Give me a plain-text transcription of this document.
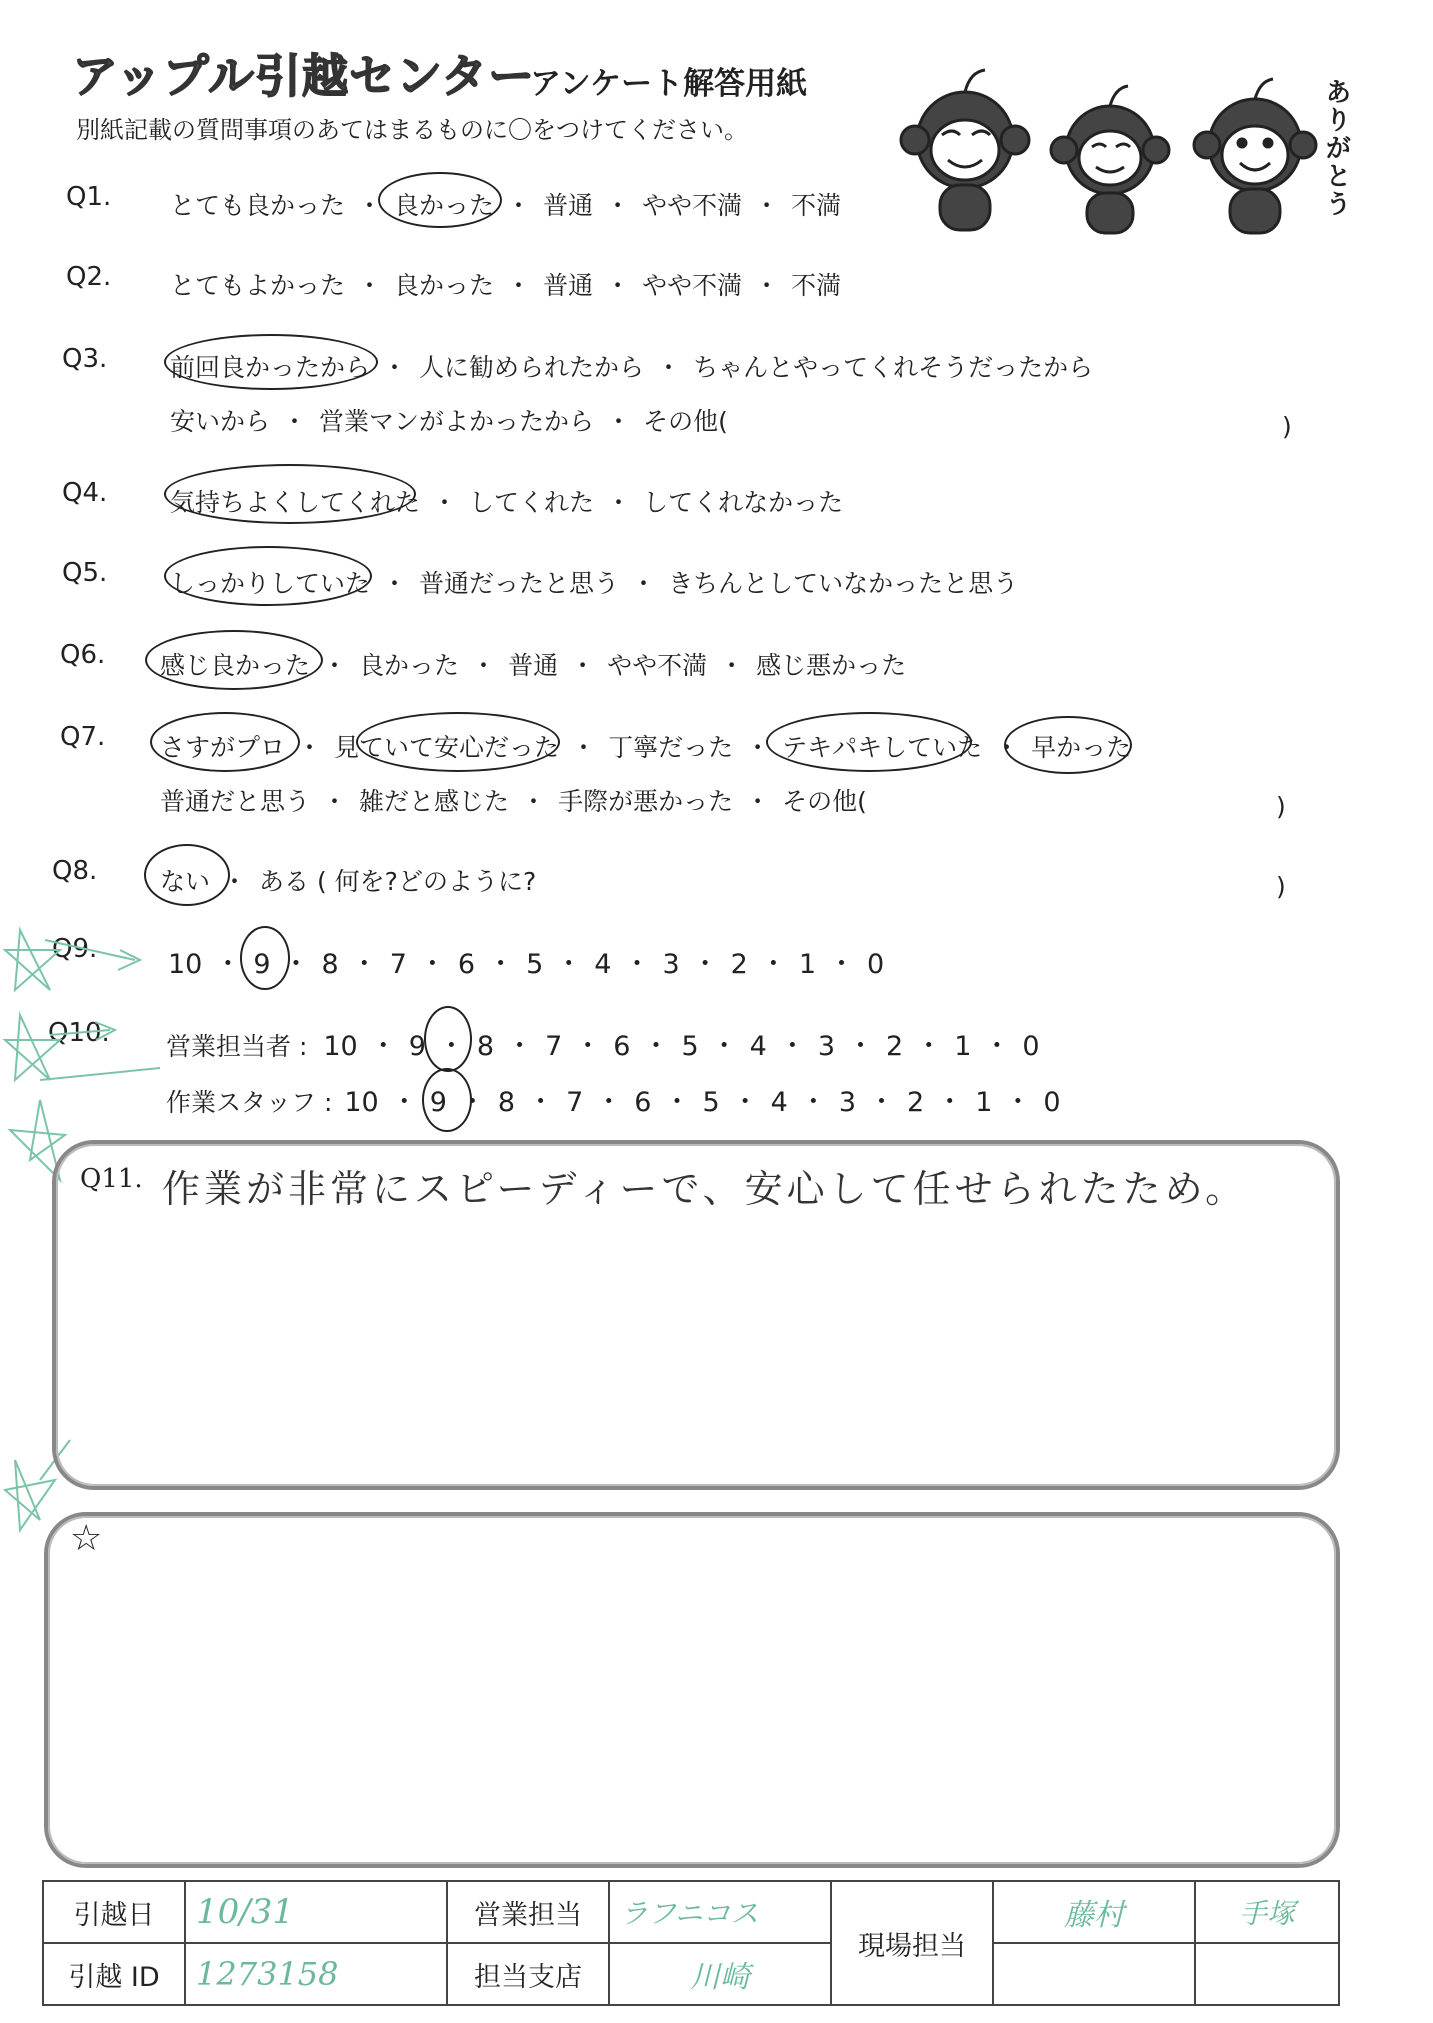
アップル引越センター
アンケート解答用紙
別紙記載の質問事項のあてはまるものに〇をつけてください。	ありがとう
Q1. とても良かった ・ 良かった ・ 普通 ・ やや不満 ・ 不満
Q2. とてもよかった ・ 良かった ・ 普通 ・ やや不満 ・ 不満
Q3.	前回良かったから ・ 人に勧められたから ・ ちゃんとやってくれそうだったから
安いから ・ 営業マンがよかったから ・ その他(	)
Q4.	気持ちよくしてくれた ・ してくれた ・ してくれなかった
Q5.	しっかりしていた ・ 普通だったと思う ・ きちんとしていなかったと思う
Q6. 感じ良かった ・ 良かった ・ 普通 ・ やや不満 ・ 感じ悪かった
Q7. さすがプロ ・ 見ていて安心だった ・ 丁寧だった ・ テキパキしていた ・ 早かった
普通だと思う ・ 雑だと感じた ・ 手際が悪かった ・ その他(	)
Q8.	ない ・ ある ( 何を?どのように?	)
Q9.	10 ・ 9 ・ 8 ・ 7 ・ 6 ・ 5 ・ 4 ・ 3 ・ 2 ・ 1 ・ 0
Q10. 営業担当者 : 10 ・ 9 ・ 8 ・ 7 ・ 6 ・ 5 ・ 4 ・ 3 ・ 2 ・ 1 ・ 0
作業スタッフ : 10 ・ 9 ・ 8 ・ 7 ・ 6 ・ 5 ・ 4 ・ 3 ・ 2 ・ 1 ・ 0
Q11. 作業が非常にスピーディーで、安心して任せられたため。
☆
引越日	10/31	営業担当	ラフニコス	現場担当	藤村	手塚
引越 ID	1273158	担当支店	川崎			
